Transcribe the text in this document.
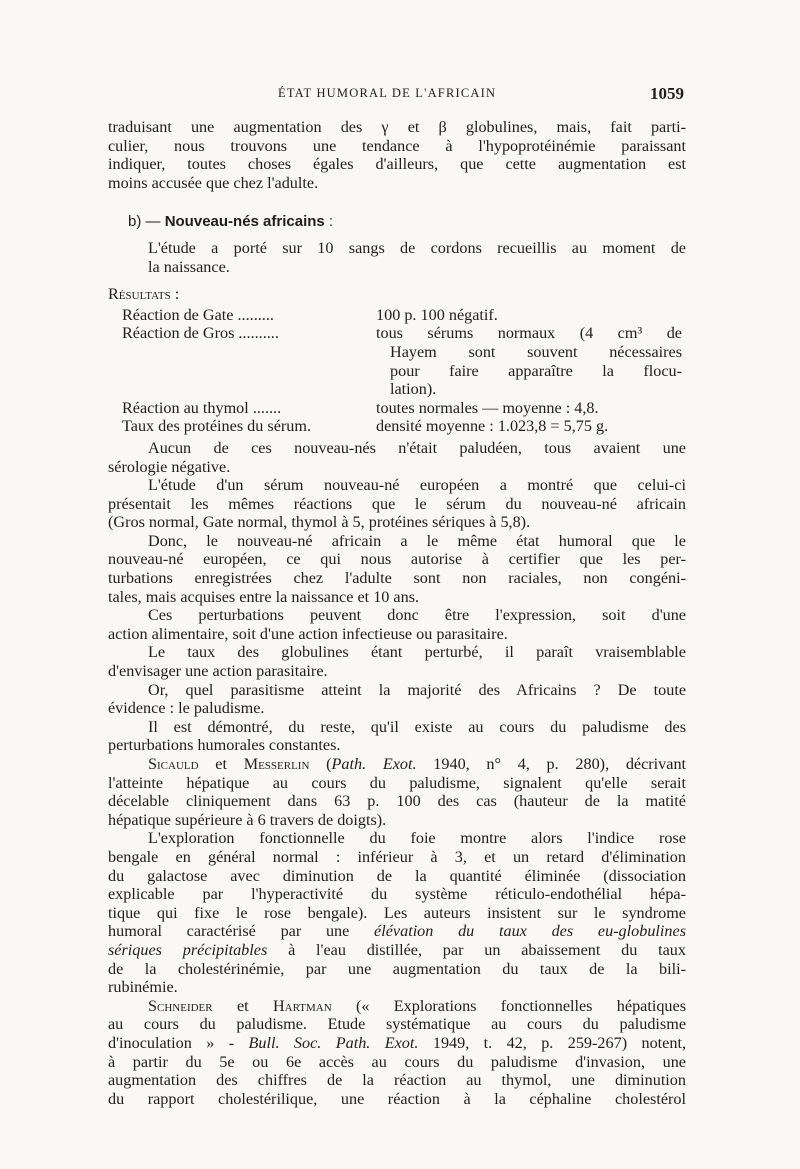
ÉTAT HUMORAL DE L'AFRICAIN	1059

traduisant une augmentation des γ et β globulines, mais, fait parti-
culier, nous trouvons une tendance à l'hypoprotéinémie paraissant
indiquer, toutes choses égales d'ailleurs, que cette augmentation est
moins accusée que chez l'adulte.

b) — Nouveau-nés africains :

L'étude a porté sur 10 sangs de cordons recueillis au moment de
la naissance.

Résultats :
Réaction de Gate .........	100 p. 100 négatif.

Réaction de Gros ..........	tous sérums normaux (4 cm³ de
Hayem sont souvent nécessaires
pour faire apparaître la flocu-
lation).

Réaction au thymol .......	toutes normales — moyenne : 4,8.

Taux des protéines du sérum.	densité moyenne : 1.023,8 = 5,75 g.

Aucun de ces nouveau-nés n'était paludéen, tous avaient une
sérologie négative.

L'étude d'un sérum nouveau-né européen a montré que celui-ci
présentait les mêmes réactions que le sérum du nouveau-né africain
(Gros normal, Gate normal, thymol à 5, protéines sériques à 5,8).

Donc, le nouveau-né africain a le même état humoral que le
nouveau-né européen, ce qui nous autorise à certifier que les per-
turbations enregistrées chez l'adulte sont non raciales, non congéni-
tales, mais acquises entre la naissance et 10 ans.

Ces perturbations peuvent donc être l'expression, soit d'une
action alimentaire, soit d'une action infectieuse ou parasitaire.

Le taux des globulines étant perturbé, il paraît vraisemblable
d'envisager une action parasitaire.

Or, quel parasitisme atteint la majorité des Africains ? De toute
évidence : le paludisme.

Il est démontré, du reste, qu'il existe au cours du paludisme des
perturbations humorales constantes.

Sicauld et Messerlin (Path. Exot. 1940, n° 4, p. 280), décrivant
l'atteinte hépatique au cours du paludisme, signalent qu'elle serait
décelable cliniquement dans 63 p. 100 des cas (hauteur de la matité
hépatique supérieure à 6 travers de doigts).

L'exploration fonctionnelle du foie montre alors l'indice rose
bengale en général normal : inférieur à 3, et un retard d'élimination
du galactose avec diminution de la quantité éliminée (dissociation
explicable par l'hyperactivité du système réticulo-endothélial hépa-
tique qui fixe le rose bengale). Les auteurs insistent sur le syndrome
humoral caractérisé par une élévation du taux des eu-globulines
sériques précipitables à l'eau distillée, par un abaissement du taux
de la cholestérinémie, par une augmentation du taux de la bili-
rubinémie.

Schneider et Hartman (« Explorations fonctionnelles hépatiques
au cours du paludisme. Etude systématique au cours du paludisme
d'inoculation » - Bull. Soc. Path. Exot. 1949, t. 42, p. 259-267) notent,
à partir du 5e ou 6e accès au cours du paludisme d'invasion, une
augmentation des chiffres de la réaction au thymol, une diminution
du rapport cholestérilique, une réaction à la céphaline cholestérol
